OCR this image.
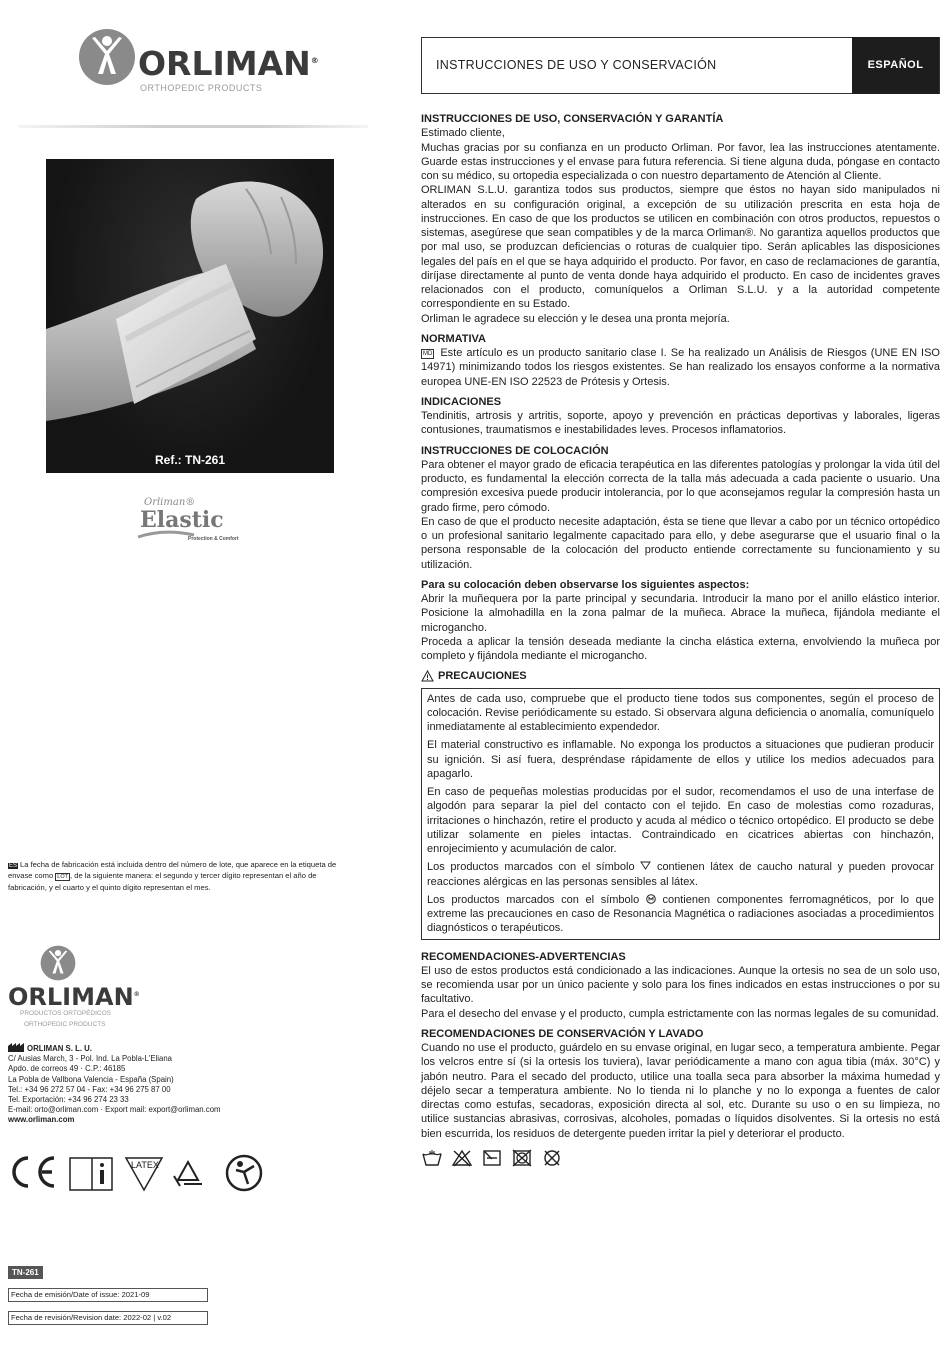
ORLIMAN®
ORTHOPEDIC PRODUCTS
Ref.: TN-261
Orliman®
Elastic
Protection & Comfort
ES La fecha de fabricación está incluida dentro del número de lote, que aparece en la etiqueta de envase como LOT , de la siguiente manera: el segundo y tercer dígito representan el año de fabricación, y el cuarto y el quinto dígito representan el mes.
ORLIMAN®
PRODUCTOS ORTOPÉDICOS
ORTHOPEDIC PRODUCTS
ORLIMAN S. L. U.
C/ Ausias March, 3 - Pol. Ind. La Pobla-L'Eliana
Apdo. de correos 49 · C.P.: 46185
La Pobla de Vallbona Valencia - España (Spain)
Tel.: +34 96 272 57 04 - Fax: +34 96 275 87 00
Tel. Exportación: +34 96 274 23 33
E-mail: orto@orliman.com · Export mail: export@orliman.com
www.orliman.com
LATEX
TN-261
Fecha de emisión/Date of issue: 2021-09
Fecha de revisión/Revision date: 2022-02 | v.02
INSTRUCCIONES DE USO Y CONSERVACIÓN	ESPAÑOL
INSTRUCCIONES DE USO, CONSERVACIÓN Y GARANTÍA

Estimado cliente,

Muchas gracias por su confianza en un producto Orliman. Por favor, lea las instrucciones atentamente. Guarde estas instrucciones y el envase para futura referencia. Si tiene alguna duda, póngase en contacto con su médico, su ortopedia especializada o con nuestro departamento de Atención al Cliente.

ORLIMAN S.L.U. garantiza todos sus productos, siempre que éstos no hayan sido manipulados ni alterados en su configuración original, a excepción de su utilización prescrita en esta hoja de instrucciones. En caso de que los productos se utilicen en combinación con otros productos, repuestos o sistemas, asegúrese que sean compatibles y de la marca Orliman®. No garantiza aquellos productos que por mal uso, se produzcan deficiencias o roturas de cualquier tipo. Serán aplicables las disposiciones legales del país en el que se haya adquirido el producto. Por favor, en caso de reclamaciones de garantía, diríjase directamente al punto de venta donde haya adquirido el producto. En caso de incidentes graves relacionados con el producto, comuníquelos a Orliman S.L.U. y a la autoridad competente correspondiente en su Estado.

Orliman le agradece su elección y le desea una pronta mejoría.

NORMATIVA

MD Este artículo es un producto sanitario clase I. Se ha realizado un Análisis de Riesgos (UNE EN ISO 14971) minimizando todos los riesgos existentes. Se han realizado los ensayos conforme a la normativa europea UNE-EN ISO 22523 de Prótesis y Ortesis.

INDICACIONES

Tendinitis, artrosis y artritis, soporte, apoyo y prevención en prácticas deportivas y laborales, ligeras contusiones, traumatismos e inestabilidades leves. Procesos inflamatorios.

INSTRUCCIONES DE COLOCACIÓN

Para obtener el mayor grado de eficacia terapéutica en las diferentes patologías y prolongar la vida útil del producto, es fundamental la elección correcta de la talla más adecuada a cada paciente o usuario. Una compresión excesiva puede producir intolerancia, por lo que aconsejamos regular la compresión hasta un grado firme, pero cómodo.

En caso de que el producto necesite adaptación, ésta se tiene que llevar a cabo por un técnico ortopédico o un profesional sanitario legalmente capacitado para ello, y debe asegurarse que el usuario final o la persona responsable de la colocación del producto entiende correctamente su funcionamiento y su utilización.

Para su colocación deben observarse los siguientes aspectos:

Abrir la muñequera por la parte principal y secundaria. Introducir la mano por el anillo elástico interior. Posicione la almohadilla en la zona palmar de la muñeca. Abrace la muñeca, fijándola mediante el microgancho.

Proceda a aplicar la tensión deseada mediante la cincha elástica externa, envolviendo la muñeca por completo y fijándola mediante el microgancho.

PRECAUCIONES

Antes de cada uso, compruebe que el producto tiene todos sus componentes, según el proceso de colocación. Revise periódicamente su estado. Si observara alguna deficiencia o anomalía, comuníquelo inmediatamente al establecimiento expendedor.

El material constructivo es inflamable. No exponga los productos a situaciones que pudieran producir su ignición. Si así fuera, despréndase rápidamente de ellos y utilice los medios adecuados para apagarlo.

En caso de pequeñas molestias producidas por el sudor, recomendamos el uso de una interfase de algodón para separar la piel del contacto con el tejido. En caso de molestias como rozaduras, irritaciones o hinchazón, retire el producto y acuda al médico o técnico ortopédico. El producto se debe utilizar solamente en pieles intactas. Contraindicado en cicatrices abiertas con hinchazón, enrojecimiento y acumulación de calor.

Los productos marcados con el símbolo contienen látex de caucho natural y pueden provocar reacciones alérgicas en las personas sensibles al látex.

Los productos marcados con el símbolo contienen componentes ferromagnéticos, por lo que extreme las precauciones en caso de Resonancia Magnética o radiaciones asociadas a procedimientos diagnósticos o terapéuticos.

RECOMENDACIONES-ADVERTENCIAS

El uso de estos productos está condicionado a las indicaciones. Aunque la ortesis no sea de un solo uso, se recomienda usar por un único paciente y solo para los fines indicados en estas instrucciones o por su facultativo.

Para el desecho del envase y el producto, cumpla estrictamente con las normas legales de su comunidad.

RECOMENDACIONES DE CONSERVACIÓN Y LAVADO

Cuando no use el producto, guárdelo en su envase original, en lugar seco, a temperatura ambiente. Pegar los velcros entre sí (si la ortesis los tuviera), lavar periódicamente a mano con agua tibia (máx. 30°C) y jabón neutro. Para el secado del producto, utilice una toalla seca para absorber la máxima humedad y déjelo secar a temperatura ambiente. No lo tienda ni lo planche y no lo exponga a fuentes de calor directas como estufas, secadoras, exposición directa al sol, etc. Durante su uso o en su limpieza, no utilice sustancias abrasivas, corrosivas, alcoholes, pomadas o líquidos disolventes. Si la ortesis no está bien escurrida, los residuos de detergente pueden irritar la piel y deteriorar el producto.
